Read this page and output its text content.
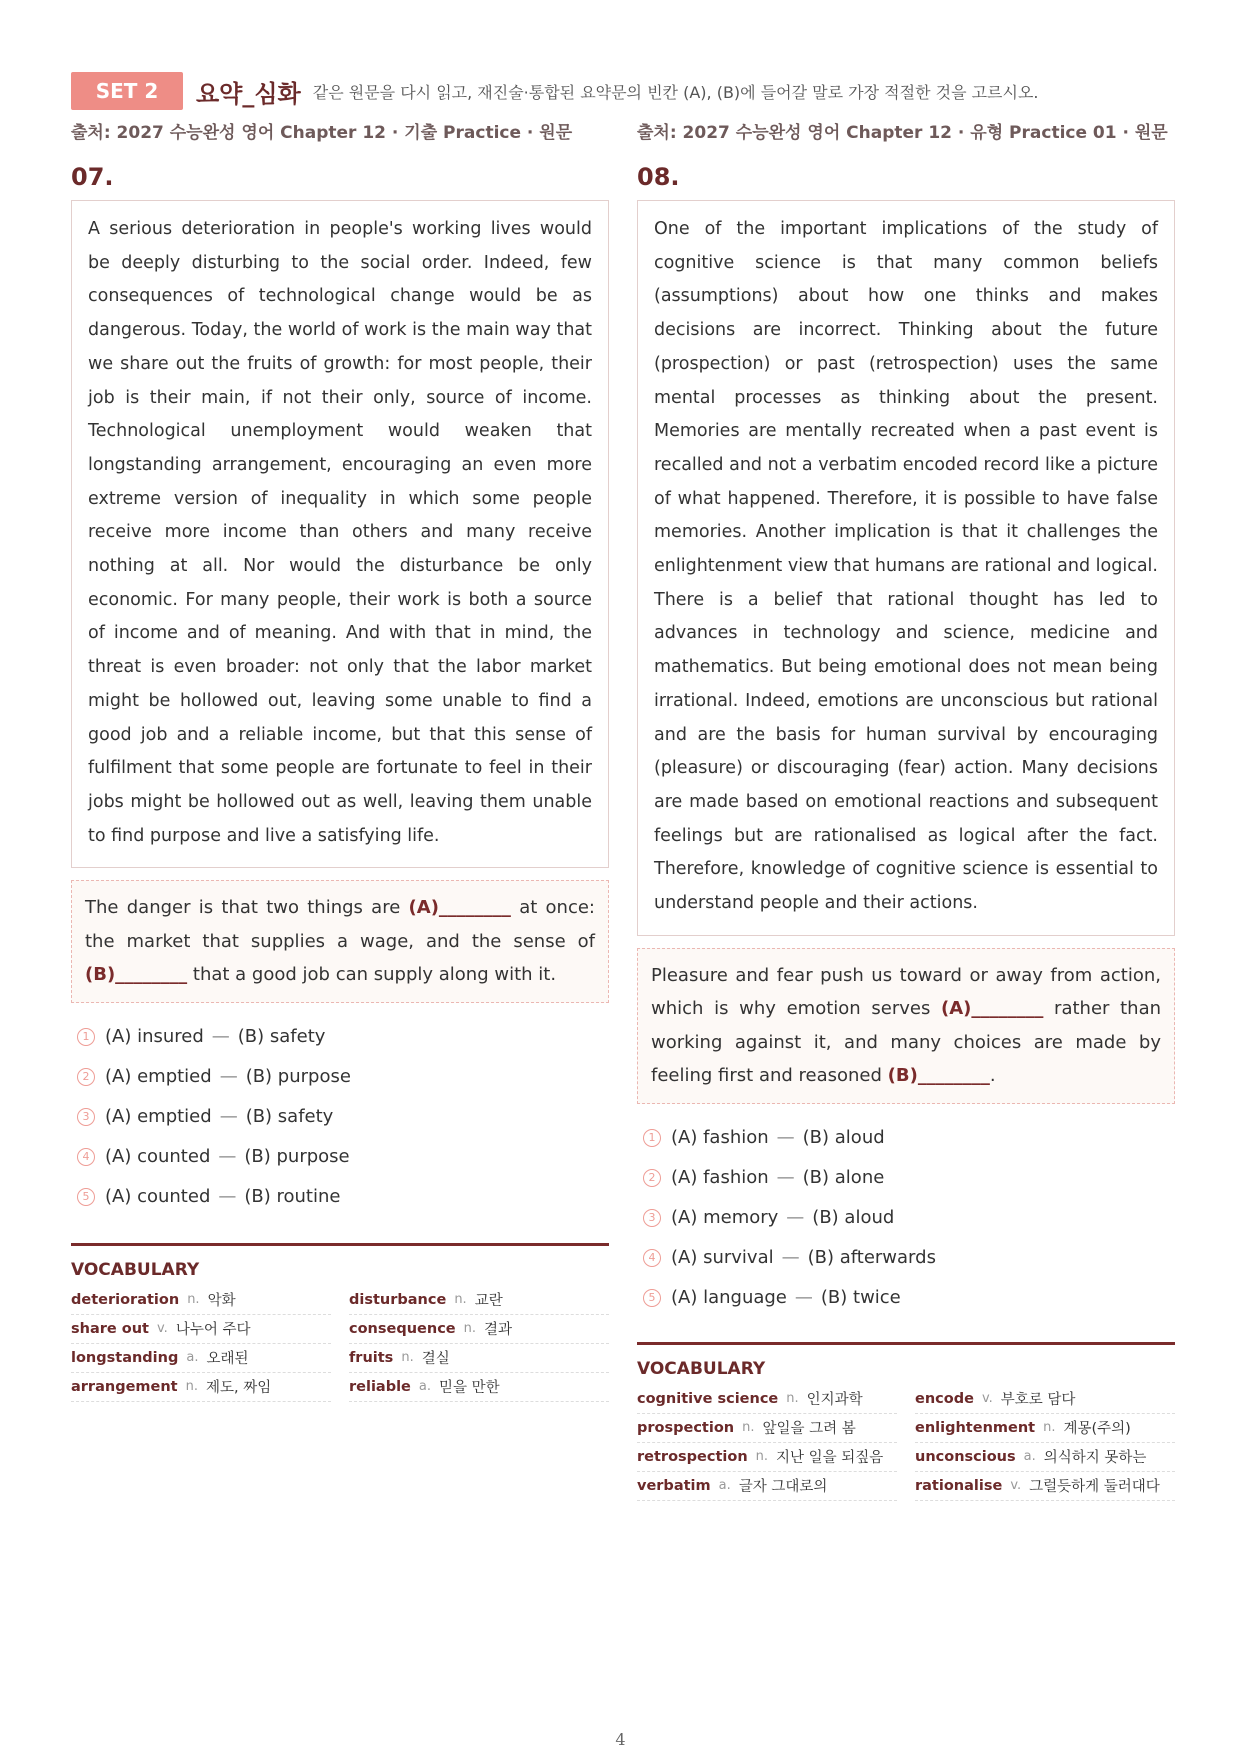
SET 2	요약_심화 같은 원문을 다시 읽고, 재진술·통합된 요약문의 빈칸 (A), (B)에 들어갈 말로 가장 적절한 것을 고르시오.
출처: 2027 수능완성 영어 Chapter 12 · 기출 Practice · 원문
07.
A serious deterioration in people's working lives would be deeply disturbing to the social order. Indeed, few consequences of technological change would be as dangerous. Today, the world of work is the main way that we share out the fruits of growth: for most people, their job is their main, if not their only, source of income. Technological unemployment would weaken that longstanding arrangement, encouraging an even more extreme version of inequality in which some people receive more income than others and many receive nothing at all. Nor would the disturbance be only economic. For many people, their work is both a source of income and of meaning. And with that in mind, the threat is even broader: not only that the labor market might be hollowed out, leaving some unable to find a good job and a reliable income, but that this sense of fulfilment that some people are fortunate to feel in their jobs might be hollowed out as well, leaving them unable to find purpose and live a satisfying life.
The danger is that two things are (A)________ at once: the market that supplies a wage, and the sense of (B)________ that a good job can supply along with it.
1 (A) insured — (B) safety
2 (A) emptied — (B) purpose
3 (A) emptied — (B) safety
4 (A) counted — (B) purpose
5 (A) counted — (B) routine
VOCABULARY
deterioration n. 악화	disturbance n. 교란
share out v. 나누어 주다	consequence n. 결과
longstanding a. 오래된	fruits n. 결실
arrangement n. 제도, 짜임	reliable a. 믿을 만한
출처: 2027 수능완성 영어 Chapter 12 · 유형 Practice 01 · 원문
08.
One of the important implications of the study of cognitive science is that many common beliefs (assumptions) about how one thinks and makes decisions are incorrect. Thinking about the future (prospection) or past (retrospection) uses the same mental processes as thinking about the present. Memories are mentally recreated when a past event is recalled and not a verbatim encoded record like a picture of what happened. Therefore, it is possible to have false memories. Another implication is that it challenges the enlightenment view that humans are rational and logical. There is a belief that rational thought has led to advances in technology and science, medicine and mathematics. But being emotional does not mean being irrational. Indeed, emotions are unconscious but rational and are the basis for human survival by encouraging (pleasure) or discouraging (fear) action. Many decisions are made based on emotional reactions and subsequent feelings but are rationalised as logical after the fact. Therefore, knowledge of cognitive science is essential to understand people and their actions.
Pleasure and fear push us toward or away from action, which is why emotion serves (A)________ rather than working against it, and many choices are made by feeling first and reasoned (B)________.
1 (A) fashion — (B) aloud
2 (A) fashion — (B) alone
3 (A) memory — (B) aloud
4 (A) survival — (B) afterwards
5 (A) language — (B) twice
VOCABULARY
cognitive science n. 인지과학	encode v. 부호로 담다
prospection n. 앞일을 그려 봄	enlightenment n. 계몽(주의)
retrospection n. 지난 일을 되짚음 unconscious a. 의식하지 못하는
verbatim a. 글자 그대로의	rationalise v. 그럴듯하게 둘러대다
4
